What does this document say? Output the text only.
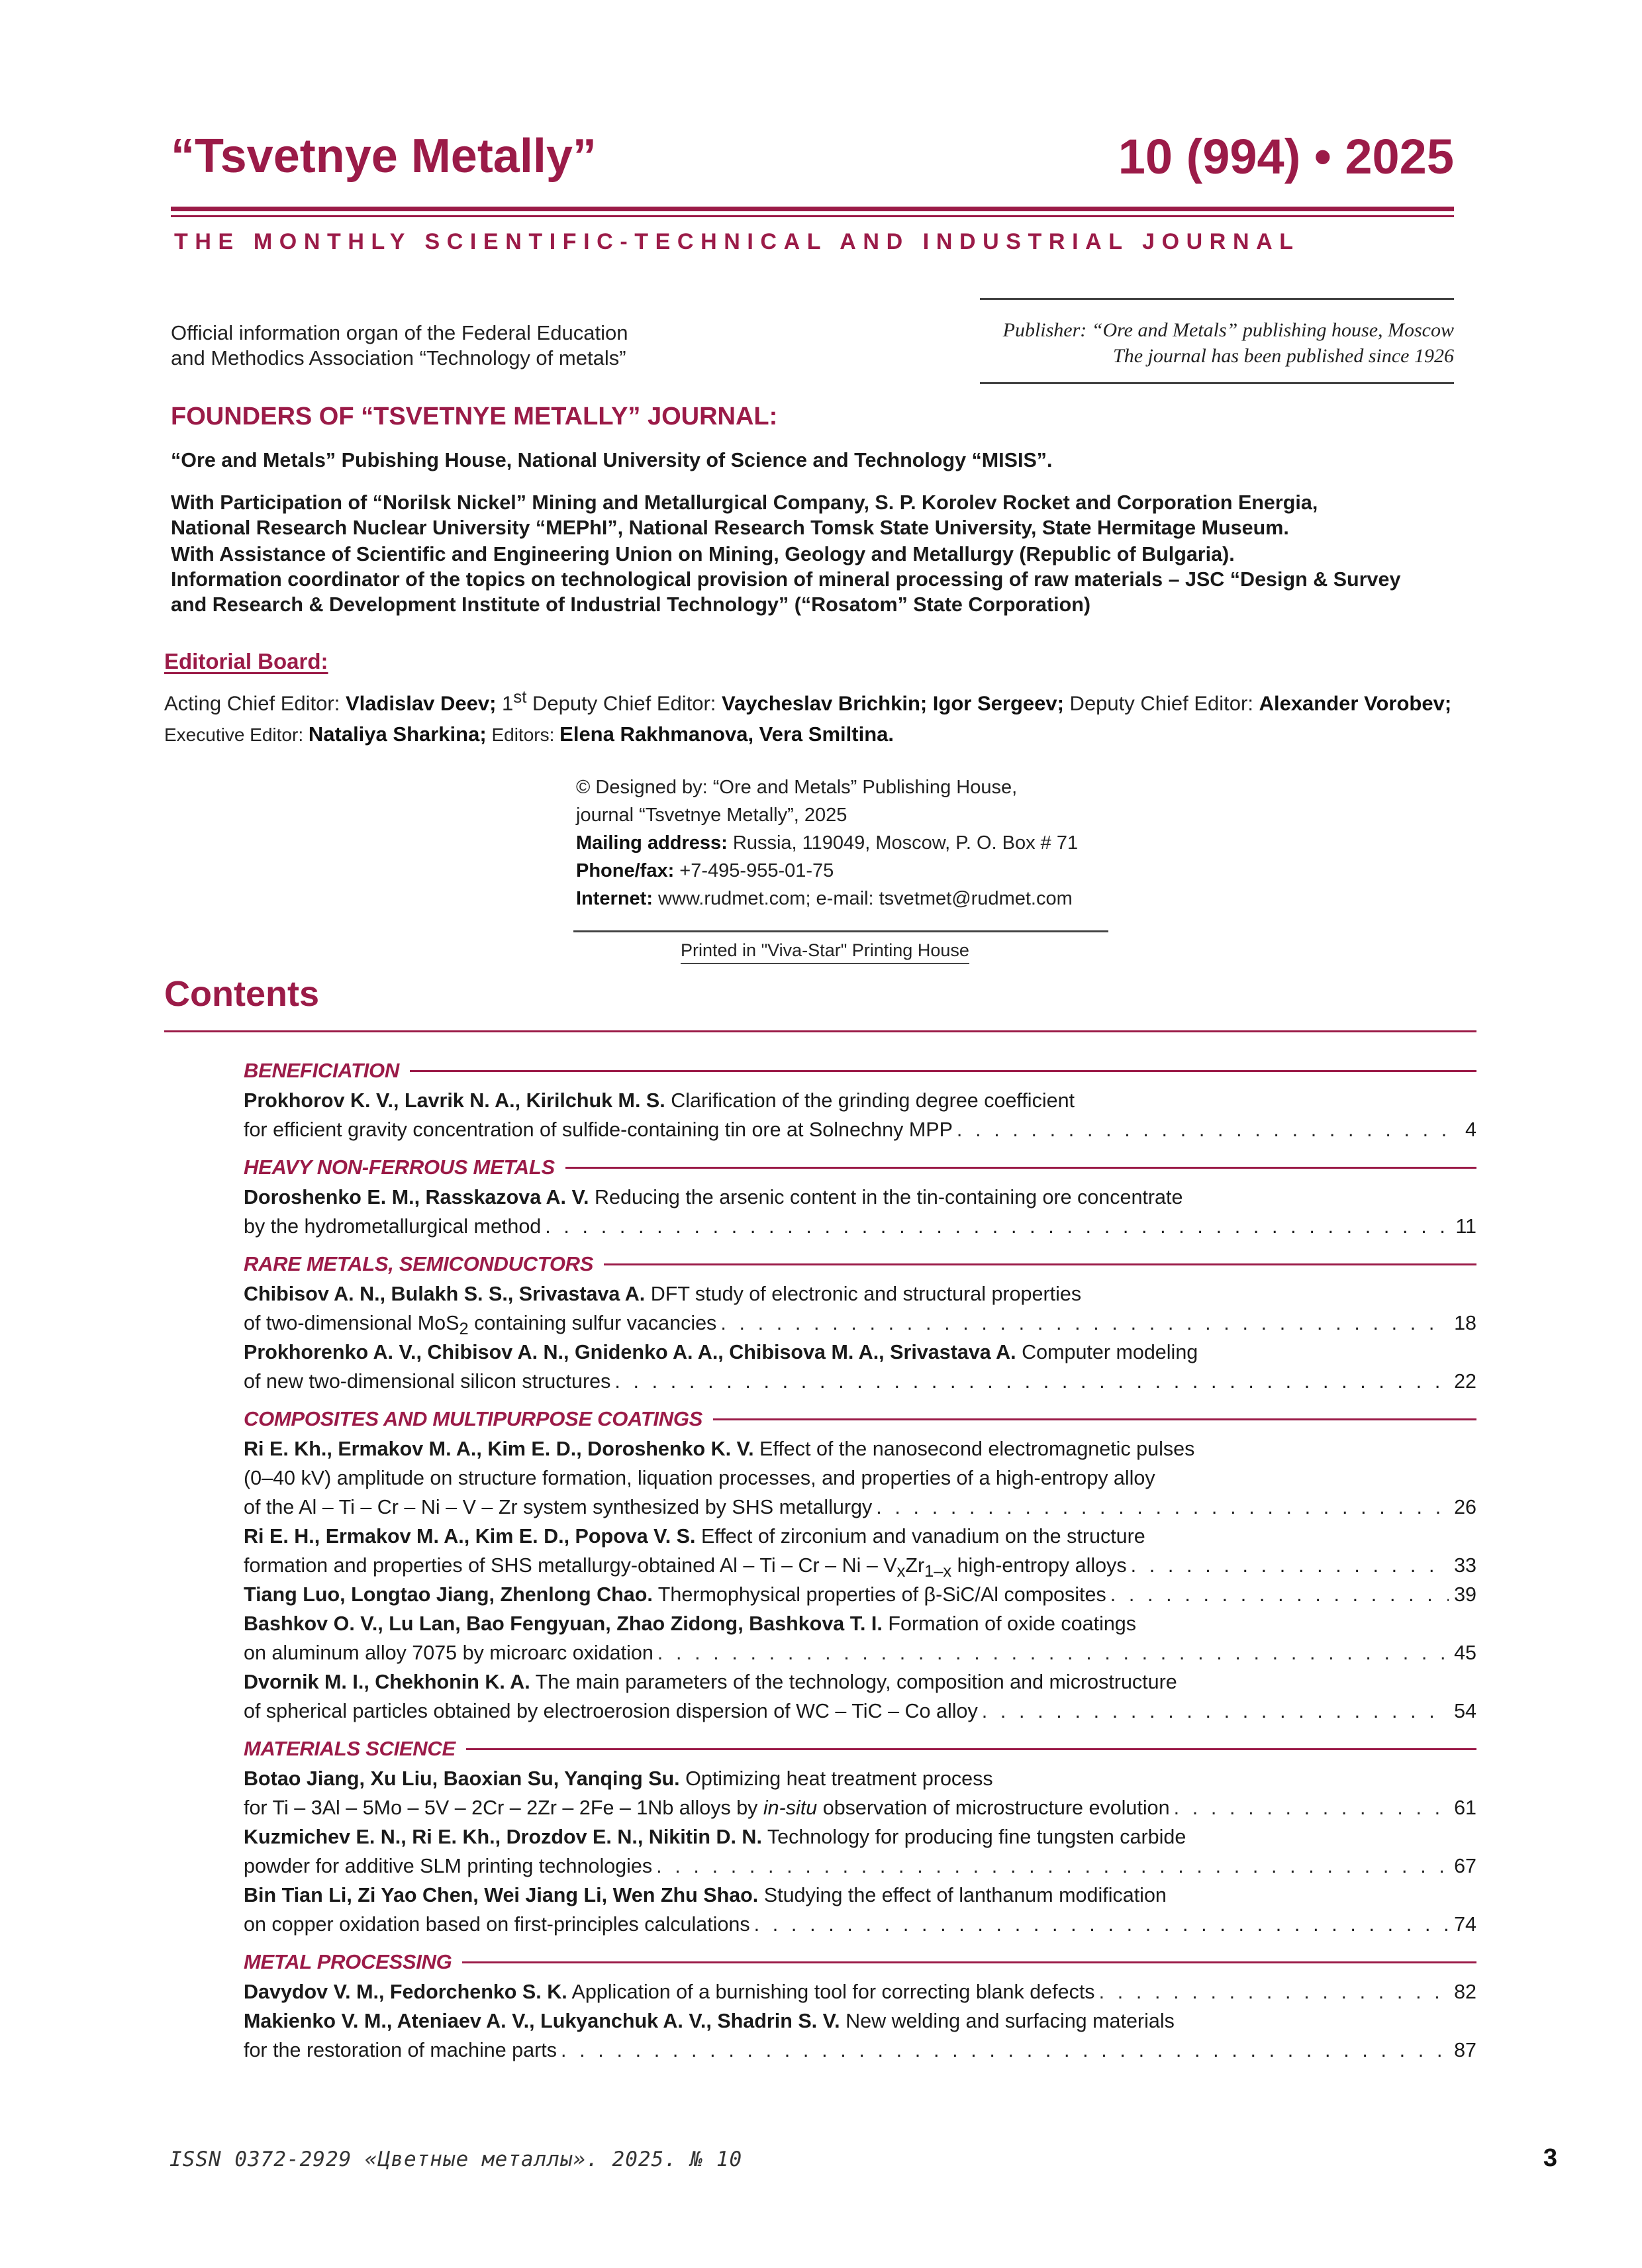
“Tsvetnye Metally”	10 (994) • 2025
THE MONTHLY SCIENTIFIC-TECHNICAL AND INDUSTRIAL JOURNAL
Official information organ of the Federal Education
and Methodics Association “Technology of metals”
Publisher: “Ore and Metals” publishing house, Moscow
The journal has been published since 1926
FOUNDERS OF “TSVETNYE METALLY” JOURNAL:
“Ore and Metals” Pubishing House, National University of Science and Technology “MISIS”.
With Participation of “Norilsk Nickel” Mining and Metallurgical Company, S. P. Korolev Rocket and Corporation Energia,
National Research Nuclear University “MEPhI”, National Research Tomsk State University, State Hermitage Museum.
With Assistance of Scientific and Engineering Union on Mining, Geology and Metallurgy (Republic of Bulgaria).
Information coordinator of the topics on technological provision of mineral processing of raw materials – JSC “Design & Survey
and Research & Development Institute of Industrial Technology” (“Rosatom” State Corporation)
Editorial Board:
Acting Chief Editor: Vladislav Deev; 1st Deputy Chief Editor: Vaycheslav Brichkin; Igor Sergeev; Deputy Chief Editor: Alexander Vorobev; Executive Editor: Nataliya Sharkina; Editors: Elena Rakhmanova, Vera Smiltina.
© Designed by: “Ore and Metals” Publishing House,
journal “Tsvetnye Metally”, 2025
Mailing address: Russia, 119049, Moscow, P. O. Box # 71
Phone/fax: +7-495-955-01-75
Internet: www.rudmet.com; e-mail: tsvetmet@rudmet.com
Printed in "Viva-Star" Printing House
Contents
BENEFICIATION
Prokhorov K. V., Lavrik N. A., Kirilchuk M. S. Clarification of the grinding degree coefficient
for efficient gravity concentration of sulfide-containing tin ore at Solnechny MPP . . .	4
HEAVY NON-FERROUS METALS
Doroshenko E. M., Rasskazova A. V. Reducing the arsenic content in the tin-containing ore concentrate
by the hydrometallurgical method . . .	11
RARE METALS, SEMICONDUCTORS
Chibisov A. N., Bulakh S. S., Srivastava A. DFT study of electronic and structural properties
of two-dimensional MoS$_2$ containing sulfur vacancies . . .	18
Prokhorenko A. V., Chibisov A. N., Gnidenko A. A., Chibisova M. A., Srivastava A. Computer modeling
of new two-dimensional silicon structures . . .	22
COMPOSITES AND MULTIPURPOSE COATINGS
Ri E. Kh., Ermakov M. A., Kim E. D., Doroshenko K. V. Effect of the nanosecond electromagnetic pulses
(0–40 kV) amplitude on structure formation, liquation processes, and properties of a high-entropy alloy
of the Al – Ti – Cr – Ni – V – Zr system synthesized by SHS metallurgy . . .	26
Ri E. H., Ermakov M. A., Kim E. D., Popova V. S. Effect of zirconium and vanadium on the structure
formation and properties of SHS metallurgy-obtained Al – Ti – Cr – Ni – $V_xZr_{1-x}$ high-entropy alloys . . .	33
Tiang Luo, Longtao Jiang, Zhenlong Chao. Thermophysical properties of β-SiC/Al composites . . .	39
Bashkov O. V., Lu Lan, Bao Fengyuan, Zhao Zidong, Bashkova T. I. Formation of oxide coatings
on aluminum alloy 7075 by microarc oxidation . . .	45
Dvornik M. I., Chekhonin K. A. The main parameters of the technology, composition and microstructure
of spherical particles obtained by electroerosion dispersion of WC – TiC – Co alloy . . .	54
MATERIALS SCIENCE
Botao Jiang, Xu Liu, Baoxian Su, Yanqing Su. Optimizing heat treatment process
for Ti – 3Al – 5Mo – 5V – 2Cr – 2Zr – 2Fe – 1Nb alloys by in-situ observation of microstructure evolution . . .	61
Kuzmichev E. N., Ri E. Kh., Drozdov E. N., Nikitin D. N. Technology for producing fine tungsten carbide
powder for additive SLM printing technologies . . .	67
Bin Tian Li, Zi Yao Chen, Wei Jiang Li, Wen Zhu Shao. Studying the effect of lanthanum modification
on copper oxidation based on first-principles calculations . . .	74
METAL PROCESSING
Davydov V. M., Fedorchenko S. K. Application of a burnishing tool for correcting blank defects . . .	82
Makienko V. M., Ateniaev A. V., Lukyanchuk A. V., Shadrin S. V. New welding and surfacing materials
for the restoration of machine parts . . .	87
ISSN 0372-2929 «Цветные металлы». 2025. № 10	3
